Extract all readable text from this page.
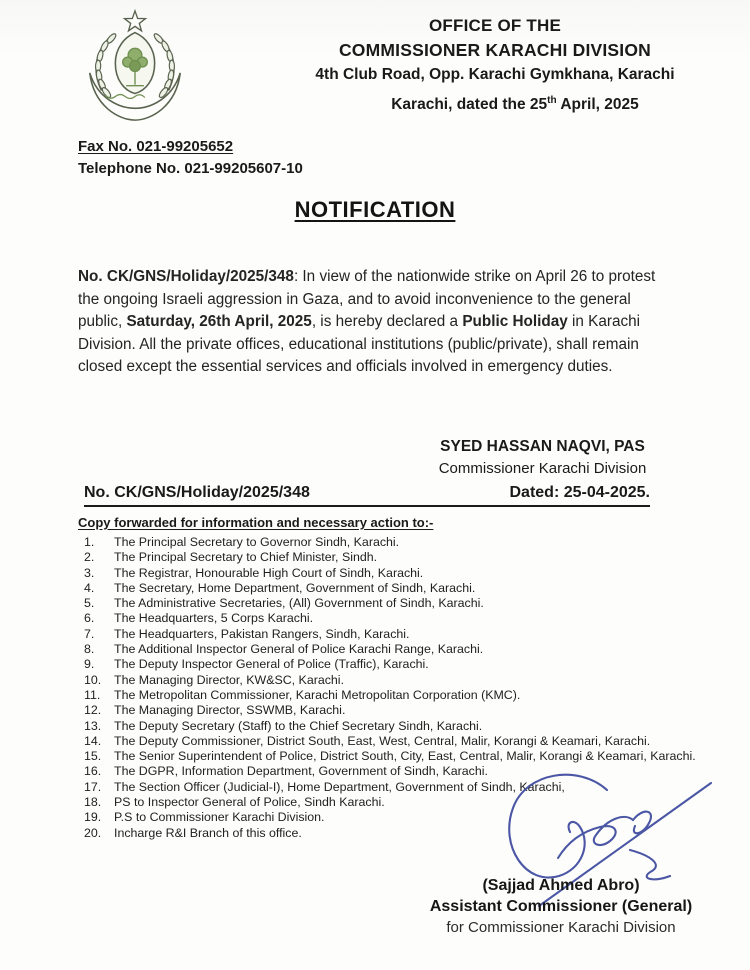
OFFICE OF THE
COMMISSIONER KARACHI DIVISION
4th Club Road, Opp. Karachi Gymkhana, Karachi
Karachi, dated the 25th April, 2025
Fax No. 021-99205652
Telephone No. 021-99205607-10
NOTIFICATION

No. CK/GNS/Holiday/2025/348: In view of the nationwide strike on April 26 to protest the ongoing Israeli aggression in Gaza, and to avoid inconvenience to the general public, Saturday, 26th April, 2025, is hereby declared a Public Holiday in Karachi Division. All the private offices, educational institutions (public/private), shall remain closed except the essential services and officials involved in emergency duties.

SYED HASSAN NAQVI, PAS
Commissioner Karachi Division
No. CK/GNS/Holiday/2025/348	Dated: 25-04-2025.
Copy forwarded for information and necessary action to:-
1.	The Principal Secretary to Governor Sindh, Karachi.
2.	The Principal Secretary to Chief Minister, Sindh.
3.	The Registrar, Honourable High Court of Sindh, Karachi.
4.	The Secretary, Home Department, Government of Sindh, Karachi.
5.	The Administrative Secretaries, (All) Government of Sindh, Karachi.
6.	The Headquarters, 5 Corps Karachi.
7.	The Headquarters, Pakistan Rangers, Sindh, Karachi.
8.	The Additional Inspector General of Police Karachi Range, Karachi.
9.	The Deputy Inspector General of Police (Traffic), Karachi.
10.	The Managing Director, KW&SC, Karachi.
11.	The Metropolitan Commissioner, Karachi Metropolitan Corporation (KMC).
12.	The Managing Director, SSWMB, Karachi.
13.	The Deputy Secretary (Staff) to the Chief Secretary Sindh, Karachi.
14.	The Deputy Commissioner, District South, East, West, Central, Malir, Korangi & Keamari, Karachi.
15.	The Senior Superintendent of Police, District South, City, East, Central, Malir, Korangi & Keamari, Karachi.
16.	The DGPR, Information Department, Government of Sindh, Karachi.
17.	The Section Officer (Judicial-I), Home Department, Government of Sindh, Karachi,
18.	PS to Inspector General of Police, Sindh Karachi.
19.	P.S to Commissioner Karachi Division.
20.	Incharge R&I Branch of this office.
(Sajjad Ahmed Abro)
Assistant Commissioner (General)
for Commissioner Karachi Division
